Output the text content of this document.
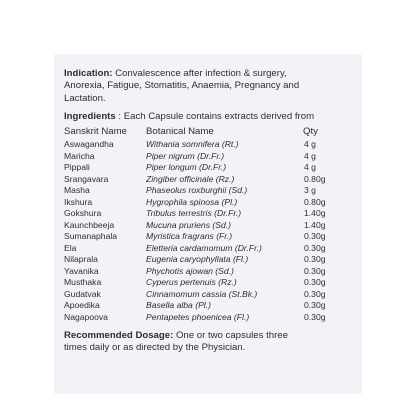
Indication: Convalescence after infection & surgery,
Anorexia, Fatigue, Stomatitis, Anaemia, Pregnancy and
Lactation.
Ingredients : Each Capsule contains extracts derived from
Sanskrit Name Botanical Name	Qty
Aswagandha	Withania somnifera (Rt.)	4 g
Maricha	Piper nigrum (Dr.Fr.)	4 g
Pippali	Piper longum (Dr.Fr.)	4 g
Srangavara	Zingiber officinale (Rz.)	0.80g
Masha	Phaseolus roxburghii (Sd.)	3 g
Ikshura	Hygrophila spinosa (Pl.)	0.80g
Gokshura	Tribulus terrestris (Dr.Fr.)	1.40g
Kaunchbeeja	Mucuna pruriens (Sd.)	1.40g
Sumanaphala	Myristica fragrans (Fr.)	0.30g
Ela	Eletteria cardamomum (Dr.Fr.)	0.30g
Nilaprala	Eugenia caryophyllata (Fl.)	0.30g
Yavanika	Phychotis ajowan (Sd.)	0.30g
Musthaka	Cyperus pertenuis (Rz.)	0.30g
Gudatvak	Cinnamomum cassia (St.Bk.)	0.30g
Apoedika	Basella alba (Pl.)	0.30g
Nagapoova	Pentapetes phoenicea (Fl.)	0.30g
Recommended Dosage: One or two capsules three
times daily or as directed by the Physician.
